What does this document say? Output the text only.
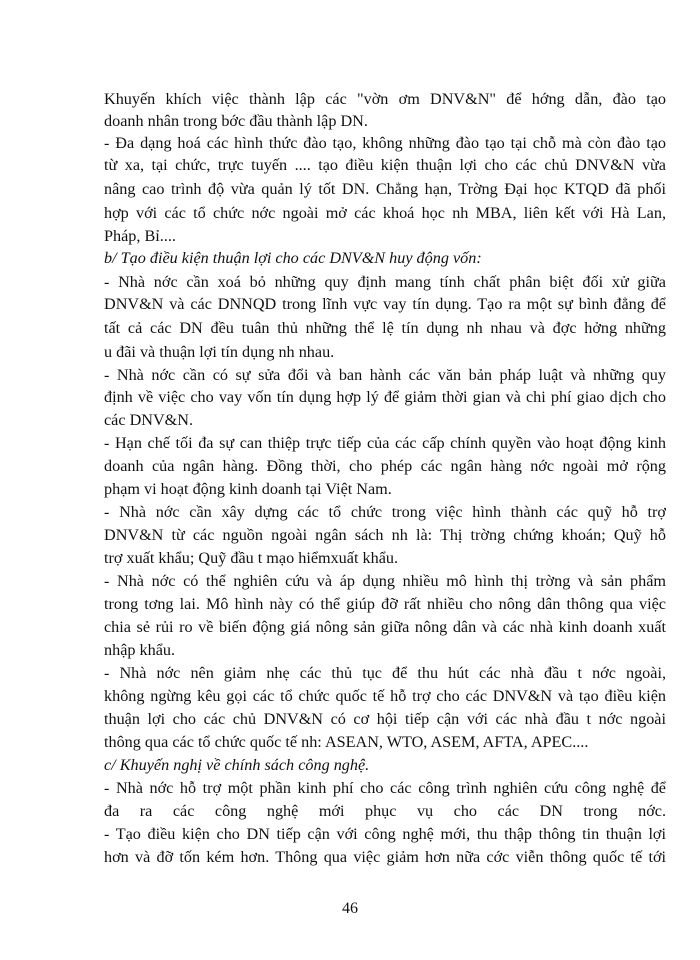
Khuyến khích việc thành lập các "vờn ơm DNV&N" để hớng dẫn, đào tạo
doanh nhân trong bớc đầu thành lập DN.
- Đa dạng hoá các hình thức đào tạo, không những đào tạo tại chỗ mà còn đào tạo
từ xa, tại chức, trực tuyến .... tạo điều kiện thuận lợi cho các chủ DNV&N vừa
nâng cao trình độ vừa quản lý tốt DN. Chẳng hạn, Trờng Đại học KTQD đã phối
hợp với các tổ chức nớc ngoài mở các khoá học nh MBA, liên kết với Hà Lan,
Pháp, Bỉ....
b/ Tạo điều kiện thuận lợi cho các DNV&N huy động vốn:
- Nhà nớc cần xoá bỏ những quy định mang tính chất phân biệt đối xử giữa
DNV&N và các DNNQD trong lĩnh vực vay tín dụng. Tạo ra một sự bình đẳng để
tất cả các DN đều tuân thủ những thể lệ tín dụng nh nhau và đợc hởng những
u đãi và thuận lợi tín dụng nh nhau.
- Nhà nớc cần có sự sửa đổi và ban hành các văn bản pháp luật và những quy
định về việc cho vay vốn tín dụng hợp lý để giảm thời gian và chi phí giao dịch cho
các DNV&N.
- Hạn chế tối đa sự can thiệp trực tiếp của các cấp chính quyền vào hoạt động kinh
doanh của ngân hàng. Đồng thời, cho phép các ngân hàng nớc ngoài mở rộng
phạm vi hoạt động kinh doanh tại Việt Nam.
- Nhà nớc cần xây dựng các tổ chức trong việc hình thành các quỹ hỗ trợ
DNV&N từ các nguồn ngoài ngân sách nh là: Thị trờng chứng khoán; Quỹ hỗ
trợ xuất khẩu; Quỹ đầu t mạo hiểmxuất khẩu.
- Nhà nớc có thể nghiên cứu và áp dụng nhiều mô hình thị trờng và sản phẩm
trong tơng lai. Mô hình này có thể giúp đỡ rất nhiều cho nông dân thông qua việc
chia sẻ rủi ro về biến động giá nông sản giữa nông dân và các nhà kinh doanh xuất
nhập khẩu.
- Nhà nớc nên giảm nhẹ các thủ tục để thu hút các nhà đầu t nớc ngoài,
không ngừng kêu gọi các tổ chức quốc tế hỗ trợ cho các DNV&N và tạo điều kiện
thuận lợi cho các chủ DNV&N có cơ hội tiếp cận với các nhà đầu t nớc ngoài
thông qua các tổ chức quốc tế nh: ASEAN, WTO, ASEM, AFTA, APEC....
c/ Khuyến nghị về chính sách công nghệ.
- Nhà nớc hỗ trợ một phần kinh phí cho các công trình nghiên cứu công nghệ để
đa ra các công nghệ mới phục vụ cho các DN trong nớc.
- Tạo điều kiện cho DN tiếp cận với công nghệ mới, thu thập thông tin thuận lợi
hơn và đỡ tốn kém hơn. Thông qua việc giảm hơn nữa cớc viễn thông quốc tế tới
46
